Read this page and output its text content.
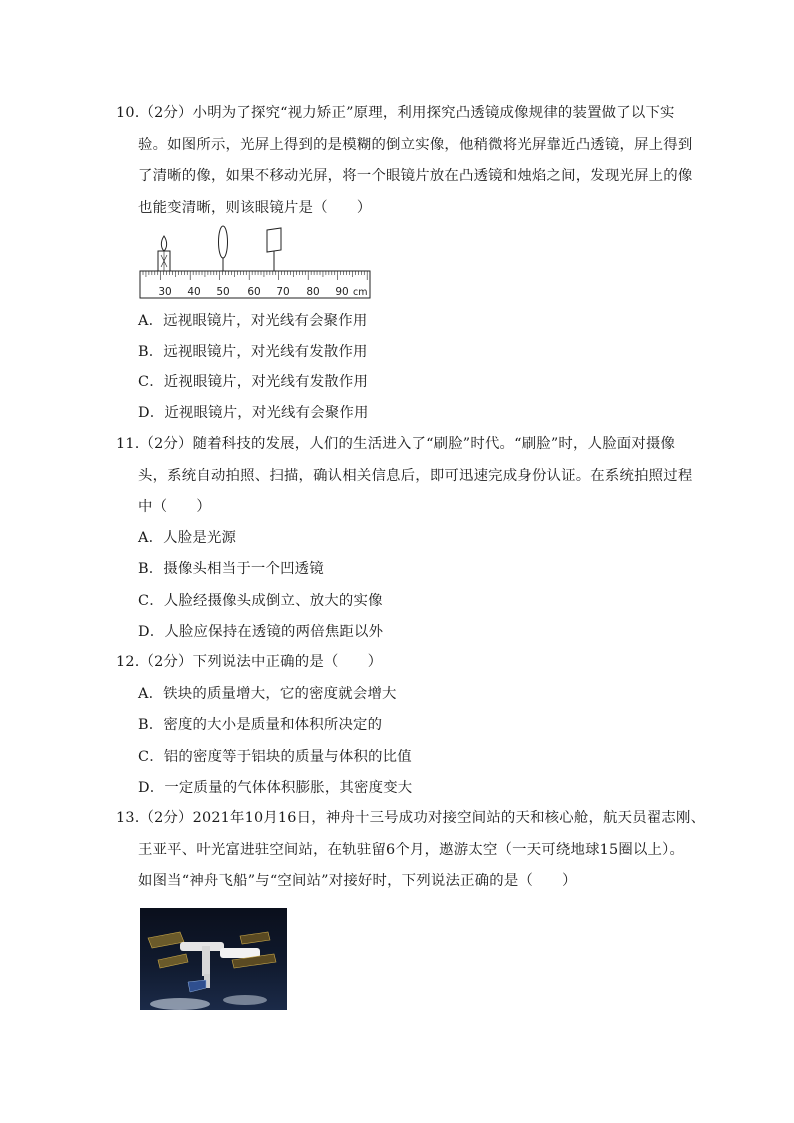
10.（2分）小明为了探究“视力矫正”原理，利用探究凸透镜成像规律的装置做了以下实
验。如图所示，光屏上得到的是模糊的倒立实像，他稍微将光屏靠近凸透镜，屏上得到
了清晰的像，如果不移动光屏，将一个眼镜片放在凸透镜和烛焰之间，发现光屏上的像
也能变清晰，则该眼镜片是（　　）
30 40 50 60 70 80 90 cm
A．远视眼镜片，对光线有会聚作用
B．远视眼镜片，对光线有发散作用
C．近视眼镜片，对光线有发散作用
D．近视眼镜片，对光线有会聚作用
11.（2分）随着科技的发展，人们的生活进入了“刷脸”时代。“刷脸”时，人脸面对摄像
头，系统自动拍照、扫描，确认相关信息后，即可迅速完成身份认证。在系统拍照过程
中（　　）
A．人脸是光源
B．摄像头相当于一个凹透镜
C．人脸经摄像头成倒立、放大的实像
D．人脸应保持在透镜的两倍焦距以外
12.（2分）下列说法中正确的是（　　）
A．铁块的质量增大，它的密度就会增大
B．密度的大小是质量和体积所决定的
C．铝的密度等于铝块的质量与体积的比值
D．一定质量的气体体积膨胀，其密度变大
13.（2分）2021年10月16日，神舟十三号成功对接空间站的天和核心舱，航天员翟志刚、
王亚平、叶光富进驻空间站，在轨驻留6个月，遨游太空（一天可绕地球15圈以上）。
如图当“神舟飞船”与“空间站”对接好时，下列说法正确的是（　　）
